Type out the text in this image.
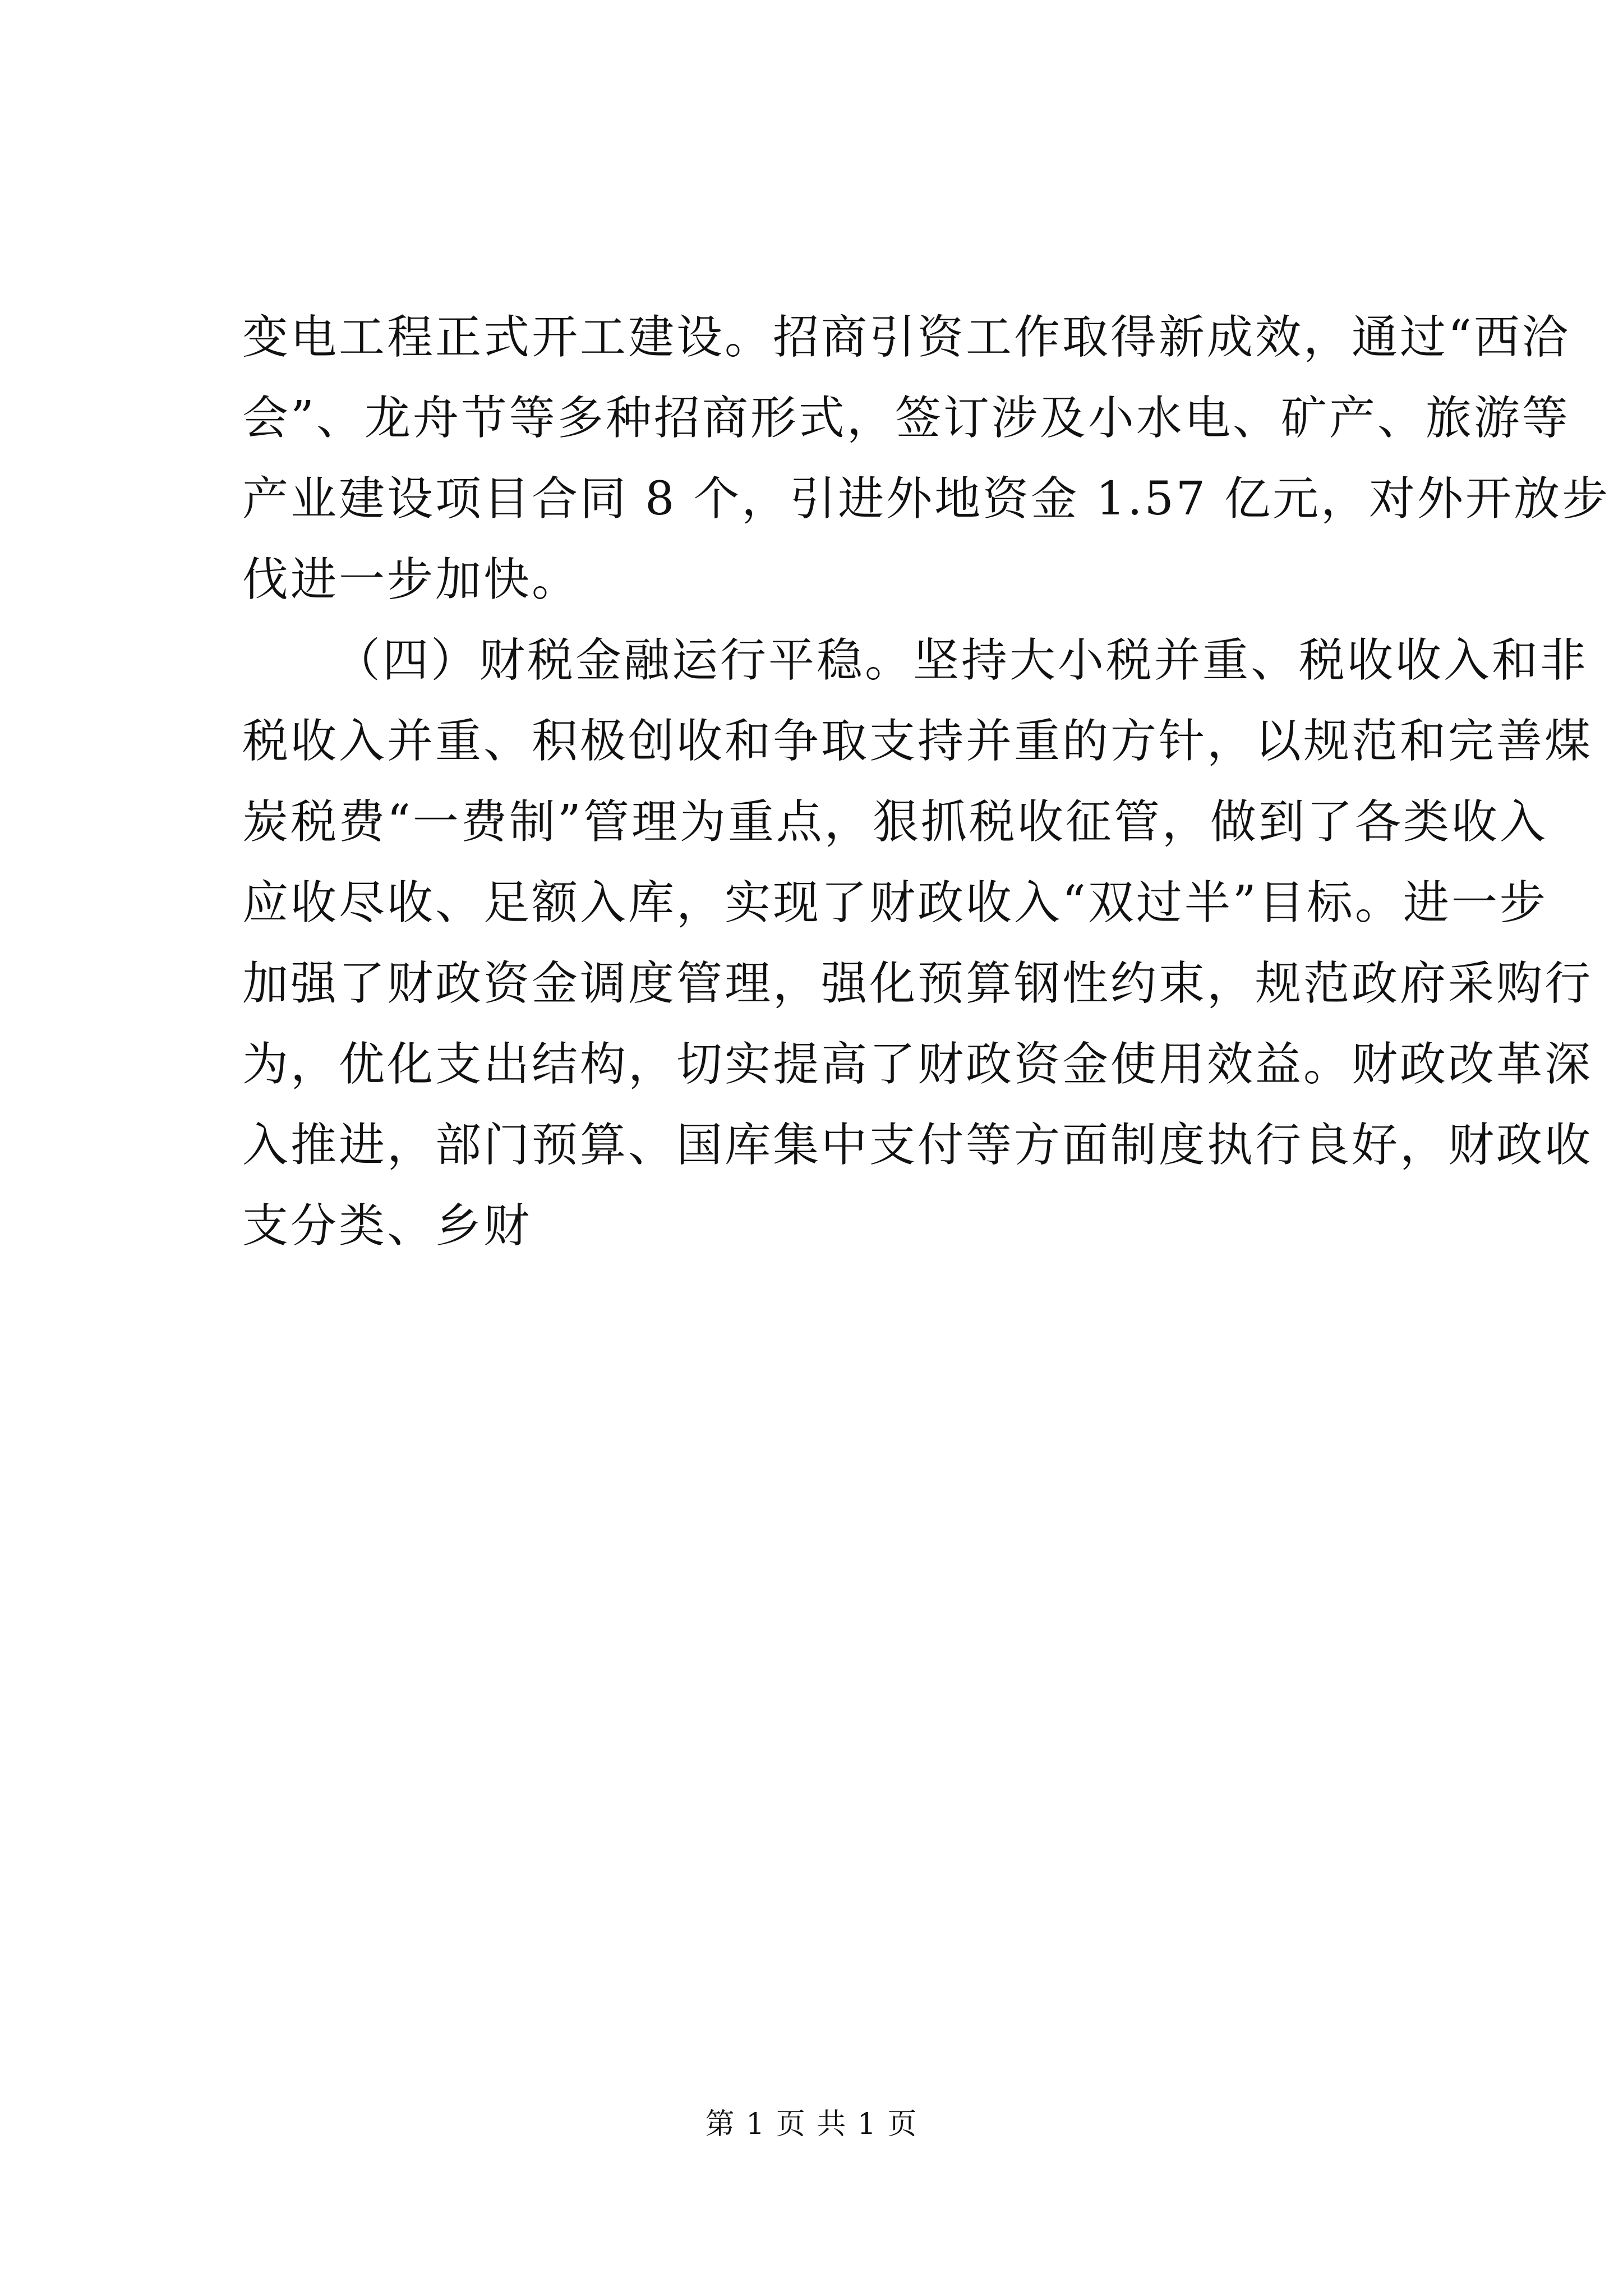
变电工程正式开工建设。招商引资工作取得新成效，通过“西洽
会”、龙舟节等多种招商形式，签订涉及小水电、矿产、旅游等
产业建设项目合同 8 个，引进外地资金 1.57 亿元，对外开放步
伐进一步加快。

（四）财税金融运行平稳。坚持大小税并重、税收收入和非
税收入并重、积极创收和争取支持并重的方针，以规范和完善煤
炭税费“一费制”管理为重点，狠抓税收征管，做到了各类收入
应收尽收、足额入库，实现了财政收入“双过半”目标。进一步
加强了财政资金调度管理，强化预算钢性约束，规范政府采购行
为，优化支出结构，切实提高了财政资金使用效益。财政改革深
入推进，部门预算、国库集中支付等方面制度执行良好，财政收
支分类、乡财

第 1 页 共 1 页
